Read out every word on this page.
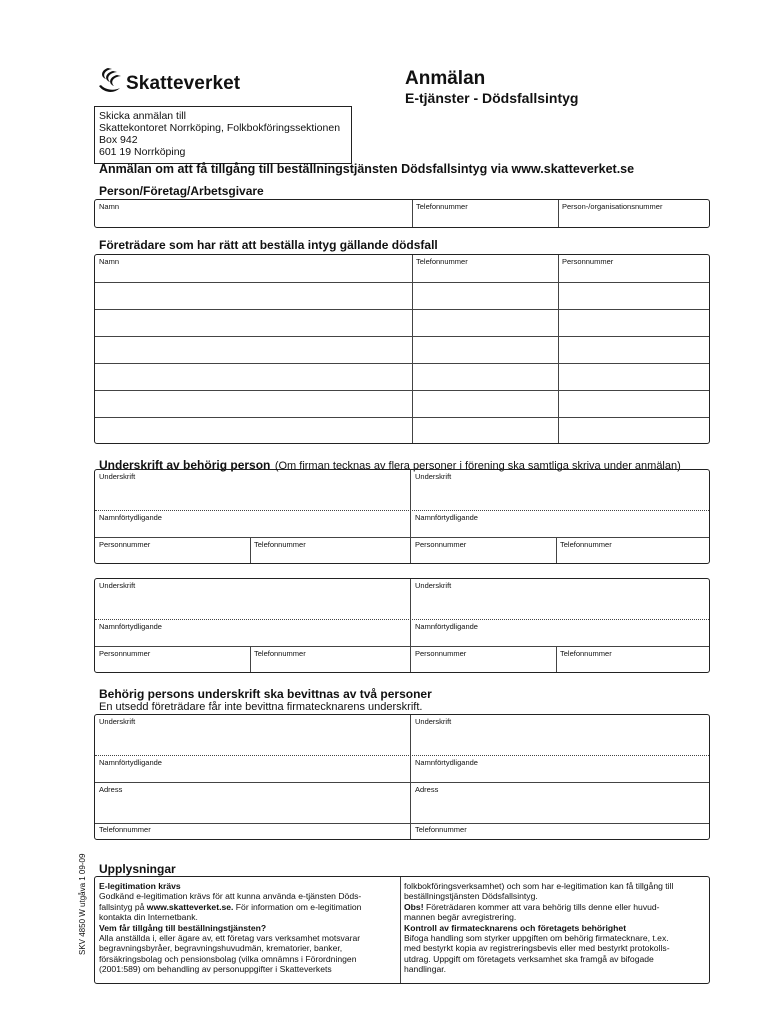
Skatteverket	Anmälan
E-tjänster - Dödsfallsintyg
Skicka anmälan till
Skattekontoret Norrköping, Folkbokföringssektionen
Box 942
601 19 Norrköping
Anmälan om att få tillgång till beställningstjänsten Dödsfallsintyg via www.skatteverket.se
Person/Företag/Arbetsgivare
Namn	Telefonnummer	Person-/organisationsnummer
Företrädare som har rätt att beställa intyg gällande dödsfall
Namn	Telefonnummer	Personnummer
Underskrift av behörig person (Om firman tecknas av flera personer i förening ska samtliga skriva under anmälan)
Underskrift	Underskrift
Namnförtydligande	Namnförtydligande
Personnummer	Telefonnummer	Personnummer	Telefonnummer
Underskrift	Underskrift
Namnförtydligande	Namnförtydligande
Personnummer	Telefonnummer	Personnummer	Telefonnummer
Behörig persons underskrift ska bevittnas av två personer
En utsedd företrädare får inte bevittna firmatecknarens underskrift.
Underskrift	Underskrift
Namnförtydligande	Namnförtydligande
Adress	Adress
Telefonnummer	Telefonnummer
Upplysningar
E-legitimation krävs
Godkänd e-legitimation krävs för att kunna använda e-tjänsten Döds-
fallsintyg på www.skatteverket.se. För information om e-legitimation
kontakta din Internetbank.
Vem får tillgång till beställningstjänsten?
Alla anställda i, eller ägare av, ett företag vars verksamhet motsvarar
begravningsbyråer, begravningshuvudmän, krematorier, banker,
försäkringsbolag och pensionsbolag (vilka omnämns i Förordningen
(2001:589) om behandling av personuppgifter i Skatteverkets
folkbokföringsverksamhet) och som har e-legitimation kan få tillgång till
beställningstjänsten Dödsfallsintyg.
Obs! Företrädaren kommer att vara behörig tills denne eller huvud-
mannen begär avregistrering.
Kontroll av firmatecknarens och företagets behörighet
Bifoga handling som styrker uppgiften om behörig firmatecknare, t.ex.
med bestyrkt kopia av registreringsbevis eller med bestyrkt protokolls-
utdrag. Uppgift om företagets verksamhet ska framgå av bifogade
handlingar.
SKV 4850 W utgåva 1 09-09
